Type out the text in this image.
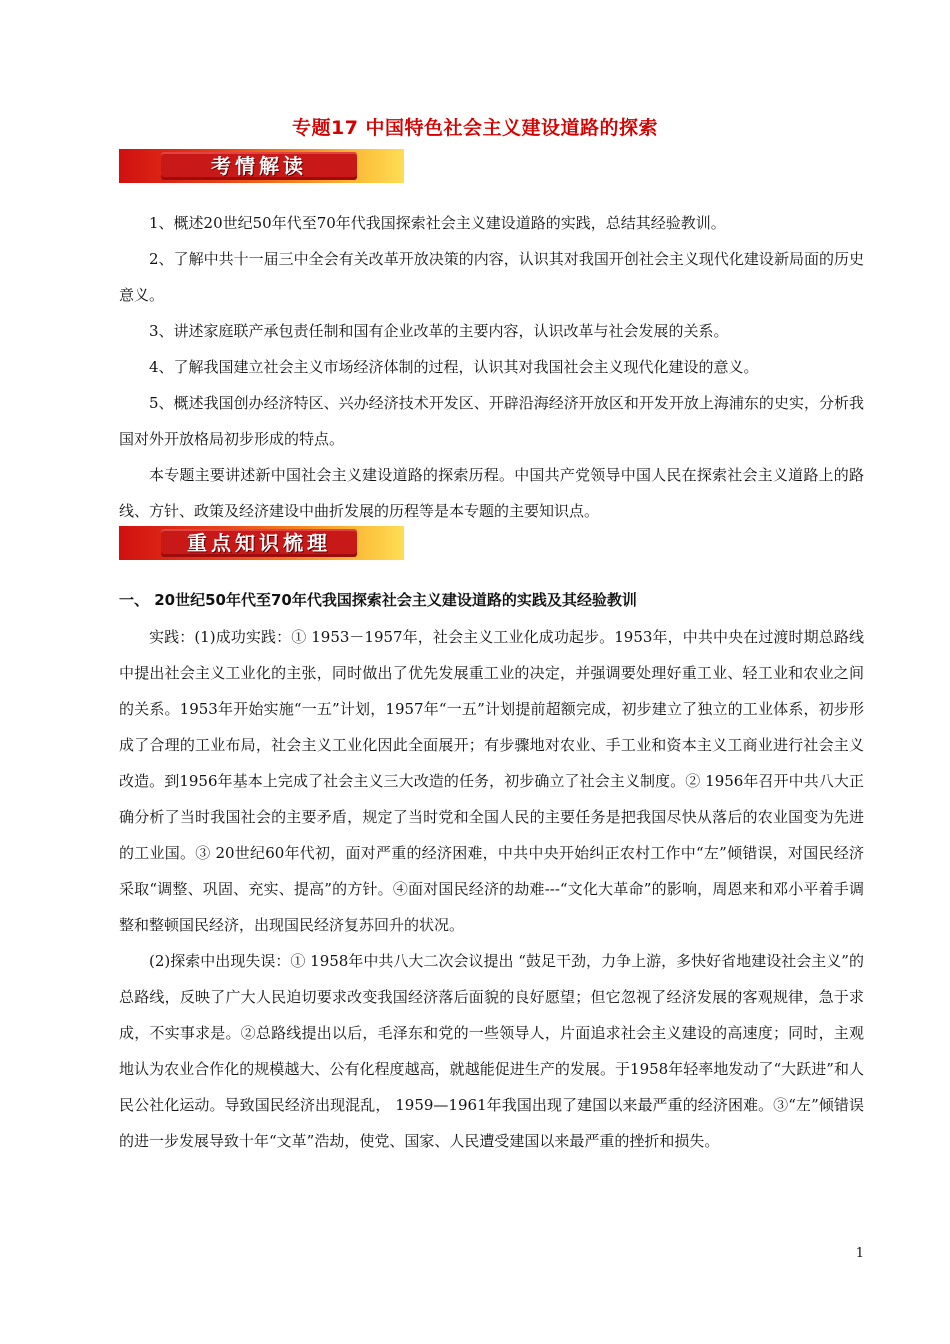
专题17 中国特色社会主义建设道路的探索
考情解读

1、概述20世纪50年代至70年代我国探索社会主义建设道路的实践，总结其经验教训。

2、了解中共十一届三中全会有关改革开放决策的内容，认识其对我国开创社会主义现代化建设新局面的历史意义。

3、讲述家庭联产承包责任制和国有企业改革的主要内容，认识改革与社会发展的关系。

4、了解我国建立社会主义市场经济体制的过程，认识其对我国社会主义现代化建设的意义。

5、概述我国创办经济特区、兴办经济技术开发区、开辟沿海经济开放区和开发开放上海浦东的史实，分析我国对外开放格局初步形成的特点。

本专题主要讲述新中国社会主义建设道路的探索历程。中国共产党领导中国人民在探索社会主义道路上的路线、方针、政策及经济建设中曲折发展的历程等是本专题的主要知识点。

重点知识梳理
一、 20世纪50年代至70年代我国探索社会主义建设道路的实践及其经验教训

实践：(1)成功实践：① 1953－1957年，社会主义工业化成功起步。1953年，中共中央在过渡时期总路线中提出社会主义工业化的主张，同时做出了优先发展重工业的决定，并强调要处理好重工业、轻工业和农业之间的关系。1953年开始实施“一五”计划，1957年“一五”计划提前超额完成，初步建立了独立的工业体系，初步形成了合理的工业布局，社会主义工业化因此全面展开；有步骤地对农业、手工业和资本主义工商业进行社会主义改造。到1956年基本上完成了社会主义三大改造的任务，初步确立了社会主义制度。② 1956年召开中共八大正确分析了当时我国社会的主要矛盾，规定了当时党和全国人民的主要任务是把我国尽快从落后的农业国变为先进的工业国。③ 20世纪60年代初，面对严重的经济困难，中共中央开始纠正农村工作中“左”倾错误，对国民经济采取“调整、巩固、充实、提高”的方针。④面对国民经济的劫难---“文化大革命”的影响，周恩来和邓小平着手调整和整顿国民经济，出现国民经济复苏回升的状况。

(2)探索中出现失误：① 1958年中共八大二次会议提出 “鼓足干劲，力争上游，多快好省地建设社会主义”的总路线，反映了广大人民迫切要求改变我国经济落后面貌的良好愿望；但它忽视了经济发展的客观规律，急于求成，不实事求是。②总路线提出以后，毛泽东和党的一些领导人，片面追求社会主义建设的高速度；同时，主观地认为农业合作化的规模越大、公有化程度越高，就越能促进生产的发展。于1958年轻率地发动了“大跃进”和人民公社化运动。导致国民经济出现混乱， 1959—1961年我国出现了建国以来最严重的经济困难。③“左”倾错误的进一步发展导致十年“文革”浩劫，使党、国家、人民遭受建国以来最严重的挫折和损失。

1
